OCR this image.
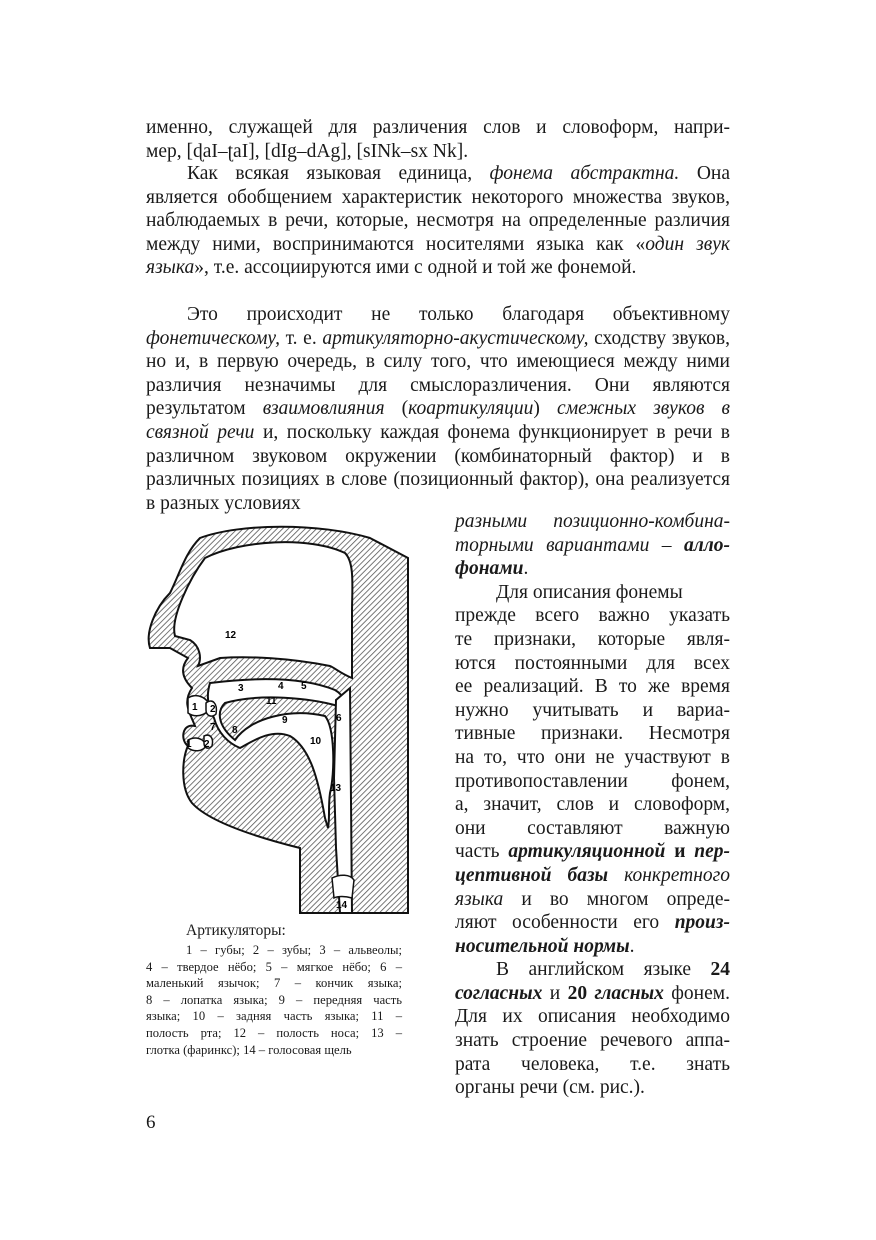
именно, служащей для различения слов и словоформ, напри-
мер, [ɖaI–ʈaI], [dIg–dAg], [sINk–sx Nk].

Как всякая языковая единица, фонема абстрактна. Она является обобщением характеристик некоторого множества звуков, наблюдаемых в речи, которые, несмотря на определенные различия между ними, воспринимаются носителями языка как «один звук языка», т.е. ассоциируются ими с одной и той же фонемой.

Это происходит не только благодаря объективному фонетическому, т. е. артикуляторно-акустическому, сходству звуков, но и, в первую очередь, в силу того, что имеющиеся между ними различия незначимы для смыслоразличения. Они являются результатом взаимовлияния (коартикуляции) смежных звуков в связной речи и, поскольку каждая фонема функционирует в речи в различном звуковом окружении (комбинаторный фактор) и в различных позициях в слове (позиционный фактор), она реализуется в разных условиях

разными позиционно-комбина-
торными вариантами – алло-
фонами.
Для описания фонемы
прежде всего важно указать
те признаки, которые явля-
ются постоянными для всех
ее реализаций. В то же время
нужно учитывать и вариа-
тивные признаки. Несмотря
на то, что они не участвуют в
противопоставлении фонем,
а, значит, слов и словоформ,
они составляют важную
часть артикуляционной и пер-
цептивной базы конкретного
языка и во многом опреде-
ляют особенности его произ-
носительной нормы.
В английском языке 24
согласных и 20 гласных фонем.
Для их описания необходимо
знать строение речевого аппа-
рата человека, т.е. знать
органы речи (см. рис.).
12
1 2
3	4 5
6
11
7 8
9
10
1 2
13
14
Артикуляторы:
1 – губы; 2 – зубы; 3 – альвеолы;
4 – твердое нёбо; 5 – мягкое нёбо; 6 –
маленький язычок; 7 – кончик языка;
8 – лопатка языка; 9 – передняя часть
языка; 10 – задняя часть языка; 11 –
полость рта; 12 – полость носа; 13 –
глотка (фаринкс); 14 – голосовая щель
6
